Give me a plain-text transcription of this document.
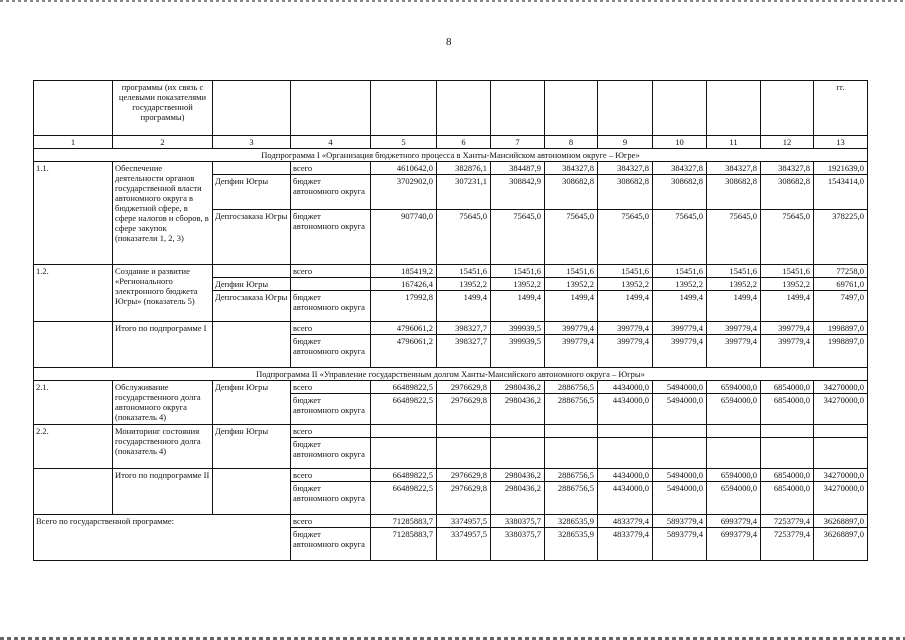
8
	программы (их связь с целевыми показателями государственной программы)											гг.
1	2	3	4	5	6	7	8	9	10	11	12	13
Подпрограмма I «Организация бюджетного процесса в Ханты-Мансийском автономном округе – Югре»												
1.1.	Обеспечение деятельности органов государственной власти автономного округа в бюджетной сфере, в сфере налогов и сборов, в сфере закупок (показатели 1, 2, 3)		всего	4610642,0	382876,1	384487,9	384327,8	384327,8	384327,8	384327,8	384327,8	1921639,0
		Депфин Югры	бюджет автономного округа	3702902,0	307231,1	308842,9	308682,8	308682,8	308682,8	308682,8	308682,8	1543414,0
		Депгосзаказа Югры	бюджет автономного округа	907740,0	75645,0	75645,0	75645,0	75645,0	75645,0	75645,0	75645,0	378225,0
1.2.	Создание и развитие «Регионального электронного бюджета Югры» (показатель 5)		всего	185419,2	15451,6	15451,6	15451,6	15451,6	15451,6	15451,6	15451,6	77258,0
		Депфин Югры		167426,4	13952,2	13952,2	13952,2	13952,2	13952,2	13952,2	13952,2	69761,0
		Депгосзаказа Югры	бюджет автономного округа	17992,8	1499,4	1499,4	1499,4	1499,4	1499,4	1499,4	1499,4	7497,0
	Итого по подпрограмме I		всего	4796061,2	398327,7	399939,5	399779,4	399779,4	399779,4	399779,4	399779,4	1998897,0
			бюджет автономного округа	4796061,2	398327,7	399939,5	399779,4	399779,4	399779,4	399779,4	399779,4	1998897,0
Подпрограмма II «Управление государственным долгом Ханты-Мансийского автономного округа – Югры»												
2.1.	Обслуживание государственного долга автономного округа (показатель 4)	Депфин Югры	всего	66489822,5	2976629,8	2980436,2	2886756,5	4434000,0	5494000,0	6594000,0	6854000,0	34270000,0
			бюджет автономного округа	66489822,5	2976629,8	2980436,2	2886756,5	4434000,0	5494000,0	6594000,0	6854000,0	34270000,0
2.2.	Мониторинг состояния государственного долга (показатель 4)	Депфин Югры	всего									
			бюджет автономного округа									
	Итого по подпрограмме II		всего	66489822,5	2976629,8	2980436,2	2886756,5	4434000,0	5494000,0	6594000,0	6854000,0	34270000,0
			бюджет автономного округа	66489822,5	2976629,8	2980436,2	2886756,5	4434000,0	5494000,0	6594000,0	6854000,0	34270000,0
Всего по государственной программе:			всего	71285883,7	3374957,5	3380375,7	3286535,9	4833779,4	5893779,4	6993779,4	7253779,4	36268897,0
			бюджет автономного округа	71285883,7	3374957,5	3380375,7	3286535,9	4833779,4	5893779,4	6993779,4	7253779,4	36268897,0
